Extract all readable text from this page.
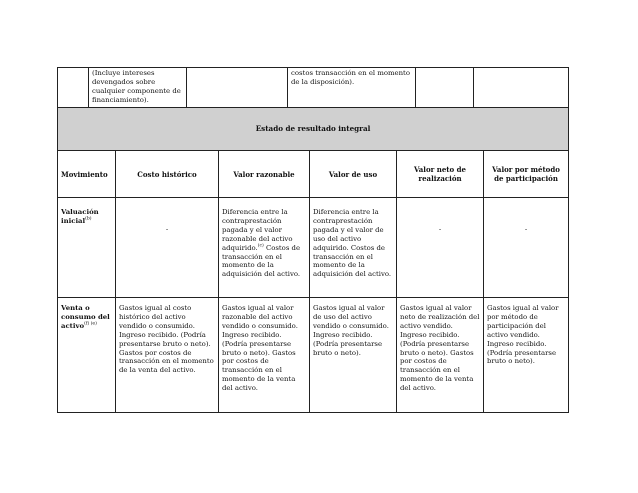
	(Incluye intereses devengados sobre cualquier componente de financiamiento).		costos transacción en el momento de la disposición).		
Estado de resultado integral					
Movimiento	Costo histórico	Valor razonable	Valor de uso	Valor neto de realización	Valor por método de participación
Valuación inicial$^{(b)}$	-	Diferencia entre la contraprestación pagada y el valor razonable del activo adquirido.$^{(c)}$ Costos de transacción en el momento de la adquisición del activo.	Diferencia entre la contraprestación pagada y el valor de uso del activo adquirido. Costos de transacción en el momento de la adquisición del activo.	-	-

Venta o consumo del activo$^{(f) (e)}$	Gastos igual al costo histórico del activo vendido o consumido. Ingreso recibido. (Podría presentarse bruto o neto). Gastos por costos de transacción en el momento de la venta del activo.	Gastos igual al valor razonable del activo vendido o consumido. Ingreso recibido. (Podría presentarse bruto o neto). Gastos por costos de transacción en el momento de la venta del activo.	Gastos igual al valor de uso del activo vendido o consumido. Ingreso recibido. (Podría presentarse bruto o neto).	Gastos igual al valor neto de realización del activo vendido. Ingreso recibido. (Podría presentarse bruto o neto). Gastos por costos de transacción en el momento de la venta del activo.	Gastos igual al valor por método de participación del activo vendido. Ingreso recibido. (Podría presentarse bruto o neto).
